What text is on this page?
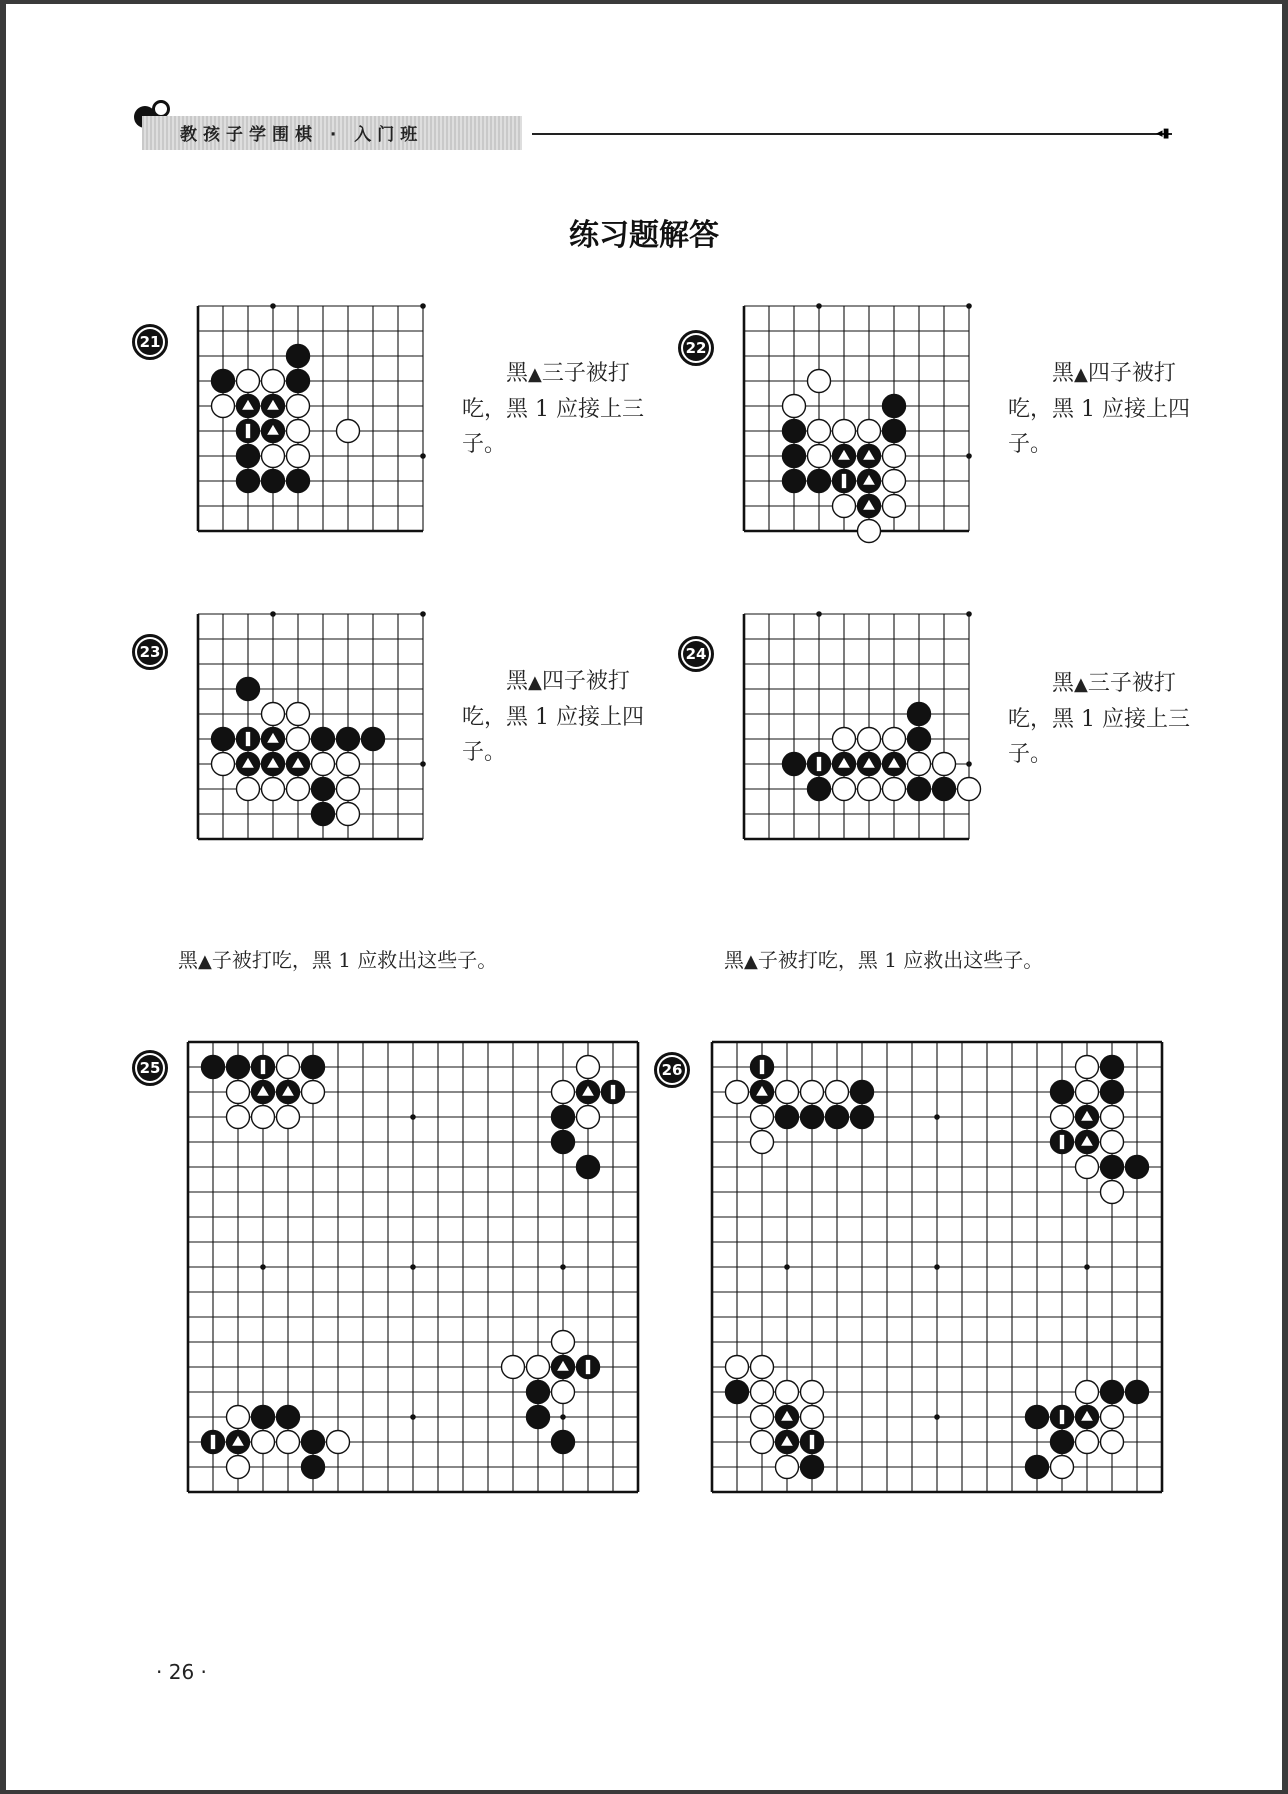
教孩子学围棋 · 入门班	◂▮
练习题解答
21
黑▲三子被打吃，黑 1 应接上三子。
22
黑▲四子被打吃，黑 1 应接上四子。
23
黑▲四子被打吃，黑 1 应接上四子。
24
黑▲三子被打吃，黑 1 应接上三子。
黑▲子被打吃，黑 1 应救出这些子。	黑▲子被打吃，黑 1 应救出这些子。
25	26
· 26 ·
